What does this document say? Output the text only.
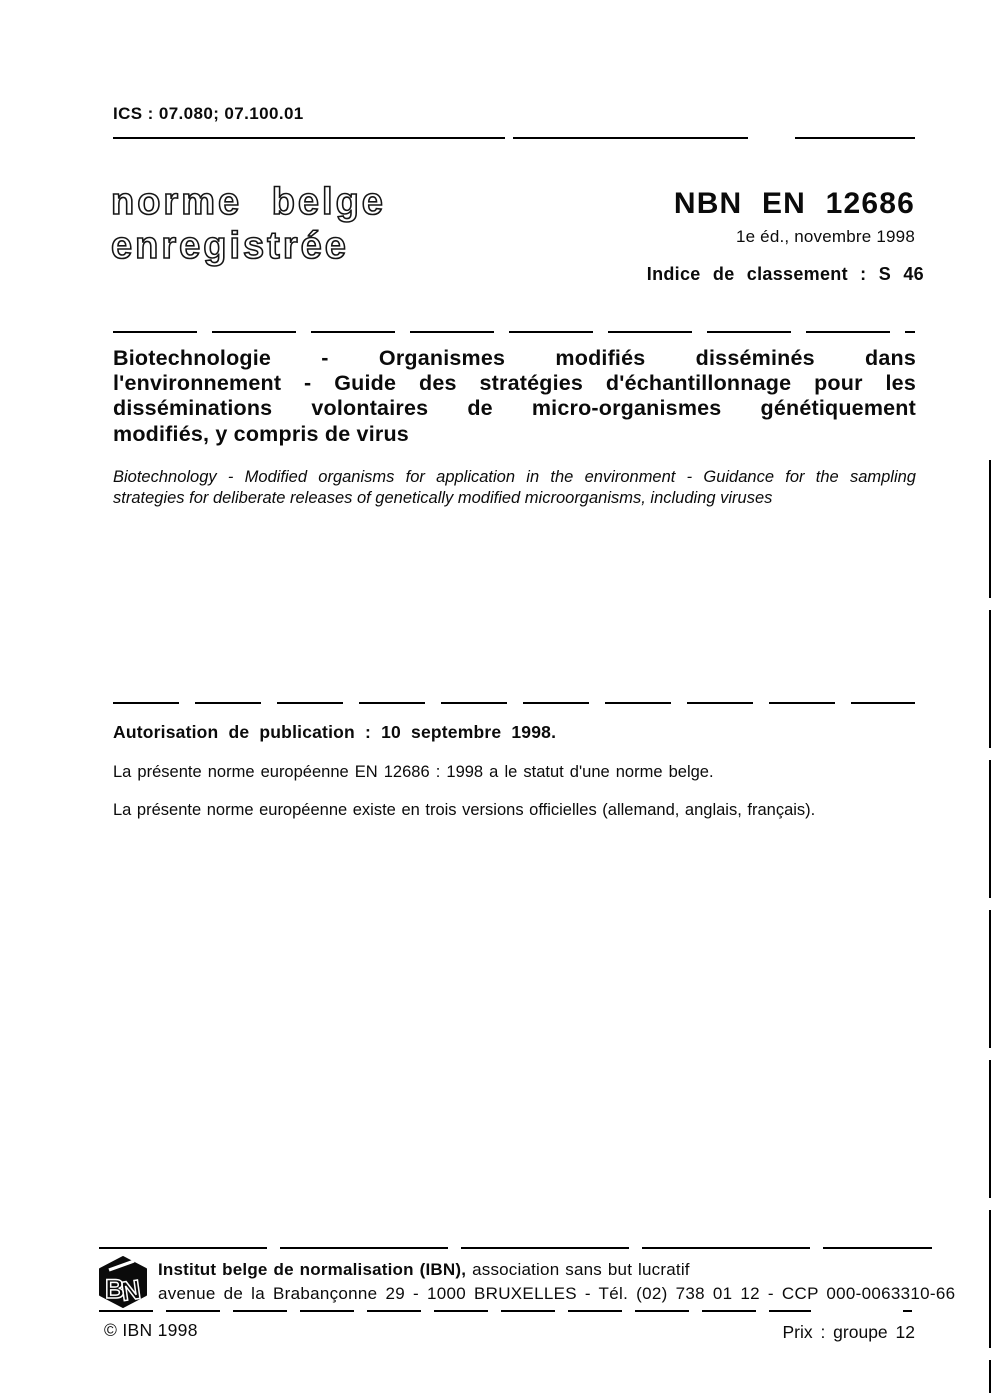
ICS : 07.080; 07.100.01
norme belge
enregistrée
NBN EN 12686
1e éd., novembre 1998
Indice de classement : S 46
Biotechnologie - Organismes modifiés disséminés dans
l'environnement - Guide des stratégies d'échantillonnage pour les
disséminations volontaires de micro-organismes génétiquement
modifiés, y compris de virus
Biotechnology - Modified organisms for application in the environment - Guidance for the sampling
strategies for deliberate releases of genetically modified microorganisms, including viruses
Autorisation de publication : 10 septembre 1998.
La présente norme européenne EN 12686 : 1998 a le statut d'une norme belge.
La présente norme européenne existe en trois versions officielles (allemand, anglais, français).
B
N
Institut belge de normalisation (IBN), association sans but lucratif
avenue de la Brabançonne 29 - 1000 BRUXELLES - Tél. (02) 738 01 12 - CCP 000-0063310-66
© IBN 1998	Prix : groupe 12
